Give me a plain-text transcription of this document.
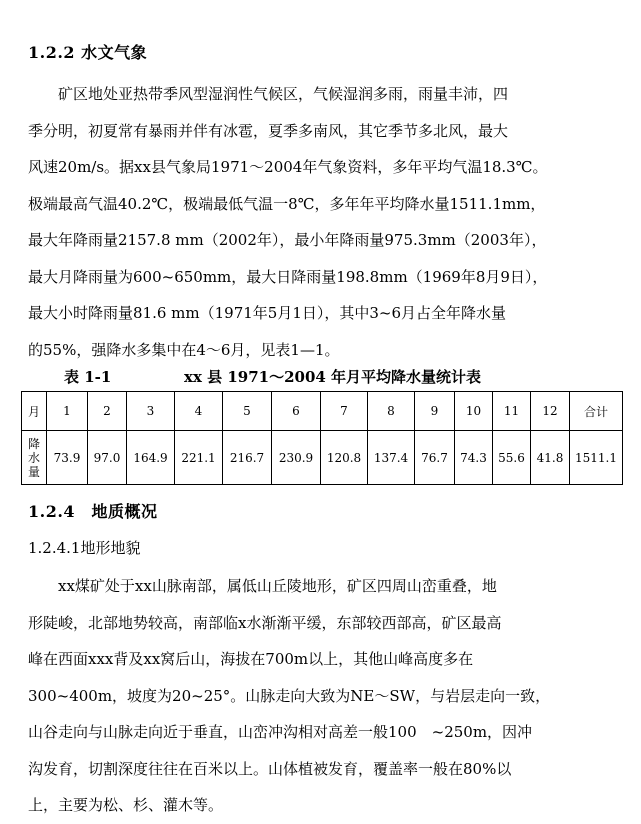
1.2.2 水文气象
　　矿区地处亚热带季风型湿润性气候区，气候湿润多雨，雨量丰沛，四
季分明，初夏常有暴雨并伴有冰雹，夏季多南风，其它季节多北风，最大
风速20m/s。据xx县气象局1971～2004年气象资料，多年平均气温18.3℃。
极端最高气温40.2℃，极端最低气温一8℃，多年年平均降水量1511.1mm，
最大年降雨量2157.8 mm（2002年），最小年降雨量975.3mm（2003年），
最大月降雨量为600~650mm，最大日降雨量198.8mm（1969年8月9日），
最大小时降雨量81.6 mm（1971年5月1日），其中3~6月占全年降水量
的55%，强降水多集中在4～6月，见表1—1。
表 1-1	xx 县 1971～2004 年月平均降水量统计表
月	1	2	3	4	5	6	7	8	9	10	11	12	合计
降
水
量	73.9	97.0	164.9	221.1	216.7	230.9	120.8	137.4	76.7	74.3	55.6	41.8	1511.1
1.2.4　地质概况
1.2.4.1地形地貌
　　xx煤矿处于xx山脉南部，属低山丘陵地形，矿区四周山峦重叠，地
形陡峻，北部地势较高，南部临x水渐渐平缓，东部较西部高，矿区最高
峰在西面xxx背及xx窝后山，海拔在700m以上，其他山峰高度多在
300~400m，坡度为20~25°。山脉走向大致为NE～SW，与岩层走向一致，
山谷走向与山脉走向近于垂直，山峦冲沟相对高差一般100　~250m，因冲
沟发育，切割深度往往在百米以上。山体植被发育，覆盖率一般在80%以
上，主要为松、杉、灌木等。
